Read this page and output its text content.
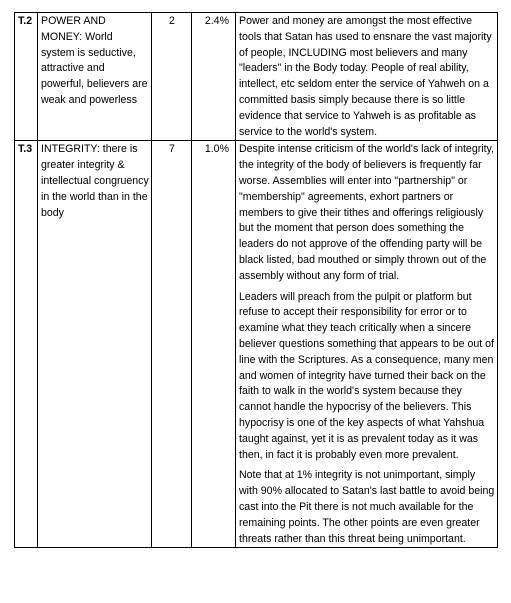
T.2	POWER AND MONEY: World system is seductive, attractive and powerful, believers are weak and powerless	2	2.4%	Power and money are amongst the most effective tools that Satan has used to ensnare the vast majority of people, INCLUDING most believers and many "leaders" in the Body today. People of real ability, intellect, etc seldom enter the service of Yahweh on a committed basis simply because there is so little evidence that service to Yahweh is as profitable as service to the world's system.

T.3	INTEGRITY: there is greater integrity & intellectual congruency in the world than in the body	7	1.0%	Despite intense criticism of the world's lack of integrity, the integrity of the body of believers is frequently far worse. Assemblies will enter into "partnership" or "membership" agreements, exhort partners or members to give their tithes and offerings religiously but the moment that person does something the leaders do not approve of the offending party will be black listed, bad mouthed or simply thrown out of the assembly without any form of trial.

Leaders will preach from the pulpit or platform but refuse to accept their responsibility for error or to examine what they teach critically when a sincere believer questions something that appears to be out of line with the Scriptures. As a consequence, many men and women of integrity have turned their back on the faith to walk in the world's system because they cannot handle the hypocrisy of the believers. This hypocrisy is one of the key aspects of what Yahshua taught against, yet it is as prevalent today as it was then, in fact it is probably even more prevalent.

Note that at 1% integrity is not unimportant, simply with 90% allocated to Satan's last battle to avoid being cast into the Pit there is not much available for the remaining points. The other points are even greater threats rather than this threat being unimportant.
